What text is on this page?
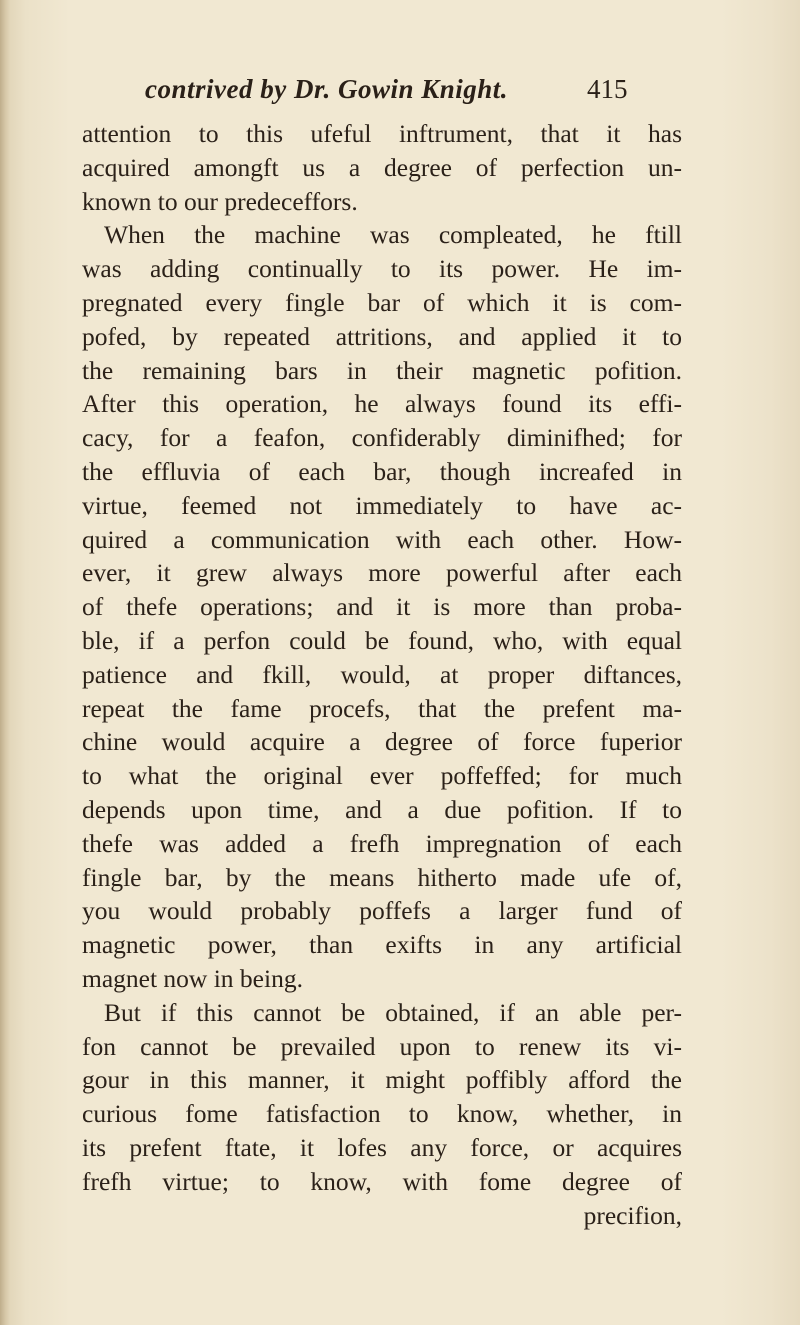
contrived by Dr. Gowin Knight.	415
attention to this ufeful inftrument, that it has
acquired amongft us a degree of perfection un-
known to our predeceffors.
When the machine was compleated, he ftill
was adding continually to its power. He im-
pregnated every fingle bar of which it is com-
pofed, by repeated attritions, and applied it to
the remaining bars in their magnetic pofition.
After this operation, he always found its effi-
cacy, for a feafon, confiderably diminifhed; for
the effluvia of each bar, though increafed in
virtue, feemed not immediately to have ac-
quired a communication with each other. How-
ever, it grew always more powerful after each
of thefe operations; and it is more than proba-
ble, if a perfon could be found, who, with equal
patience and fkill, would, at proper diftances,
repeat the fame procefs, that the prefent ma-
chine would acquire a degree of force fuperior
to what the original ever poffeffed; for much
depends upon time, and a due pofition. If to
thefe was added a frefh impregnation of each
fingle bar, by the means hitherto made ufe of,
you would probably poffefs a larger fund of
magnetic power, than exifts in any artificial
magnet now in being.
But if this cannot be obtained, if an able per-
fon cannot be prevailed upon to renew its vi-
gour in this manner, it might poffibly afford the
curious fome fatisfaction to know, whether, in
its prefent ftate, it lofes any force, or acquires
frefh virtue; to know, with fome degree of
precifion,
